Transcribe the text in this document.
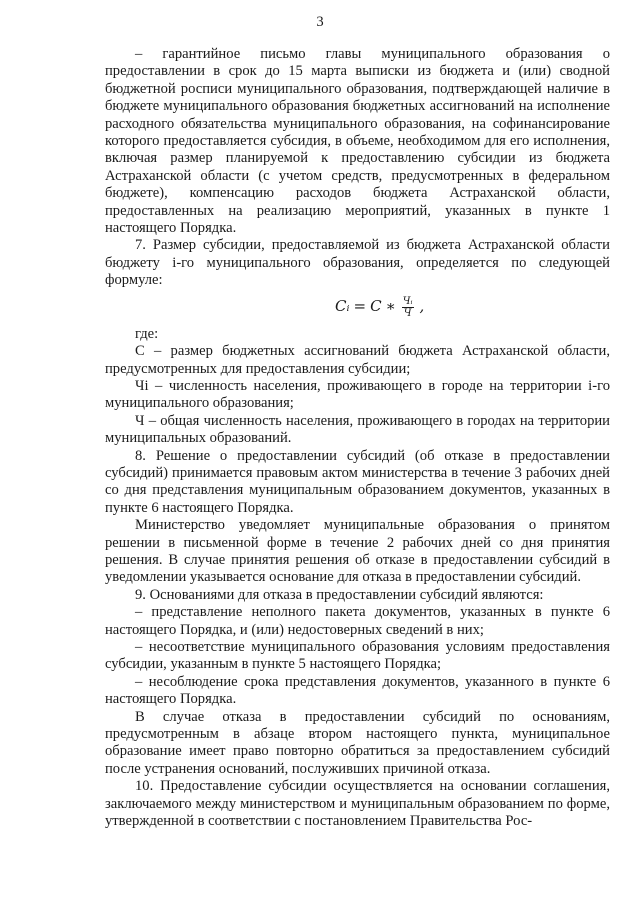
3

– гарантийное письмо главы муниципального образования о предоставлении в срок до 15 марта выписки из бюджета и (или) сводной бюджетной росписи муниципального образования, подтверждающей наличие в бюджете муниципального образования бюджетных ассигнований на исполнение расходного обязательства муниципального образования, на софинансирование которого предоставляется субсидия, в объеме, необходимом для его исполнения, включая размер планируемой к предоставлению субсидии из бюджета Астраханской области (с учетом средств, предусмотренных в федеральном бюджете), компенсацию расходов бюджета Астраханской области, предоставленных на реализацию мероприятий, указанных в пункте 1 настоящего Порядка.

7. Размер субсидии, предоставляемой из бюджета Астраханской области бюджету i-го муниципального образования, определяется по следующей формуле:

Cᵢ = C ∗ $\frac{\text{Чᵢ}}{Ч}$ ,

где:

С – размер бюджетных ассигнований бюджета Астраханской области, предусмотренных для предоставления субсидии;

Чi – численность населения, проживающего в городе на территории i-го муниципального образования;

Ч – общая численность населения, проживающего в городах на территории муниципальных образований.

8. Решение о предоставлении субсидий (об отказе в предоставлении субсидий) принимается правовым актом министерства в течение 3 рабочих дней со дня представления муниципальным образованием документов, указанных в пункте 6 настоящего Порядка.

Министерство уведомляет муниципальные образования о принятом решении в письменной форме в течение 2 рабочих дней со дня принятия решения. В случае принятия решения об отказе в предоставлении субсидий в уведомлении указывается основание для отказа в предоставлении субсидий.

9. Основаниями для отказа в предоставлении субсидий являются:

– представление неполного пакета документов, указанных в пункте 6 настоящего Порядка, и (или) недостоверных сведений в них;

– несоответствие муниципального образования условиям предоставления субсидии, указанным в пункте 5 настоящего Порядка;

– несоблюдение срока представления документов, указанного в пункте 6 настоящего Порядка.

В случае отказа в предоставлении субсидий по основаниям, предусмотренным в абзаце втором настоящего пункта, муниципальное образование имеет право повторно обратиться за предоставлением субсидий после устранения оснований, послуживших причиной отказа.

10. Предоставление субсидии осуществляется на основании соглашения, заключаемого между министерством и муниципальным образованием по форме, утвержденной в соответствии с постановлением Правительства Рос-
